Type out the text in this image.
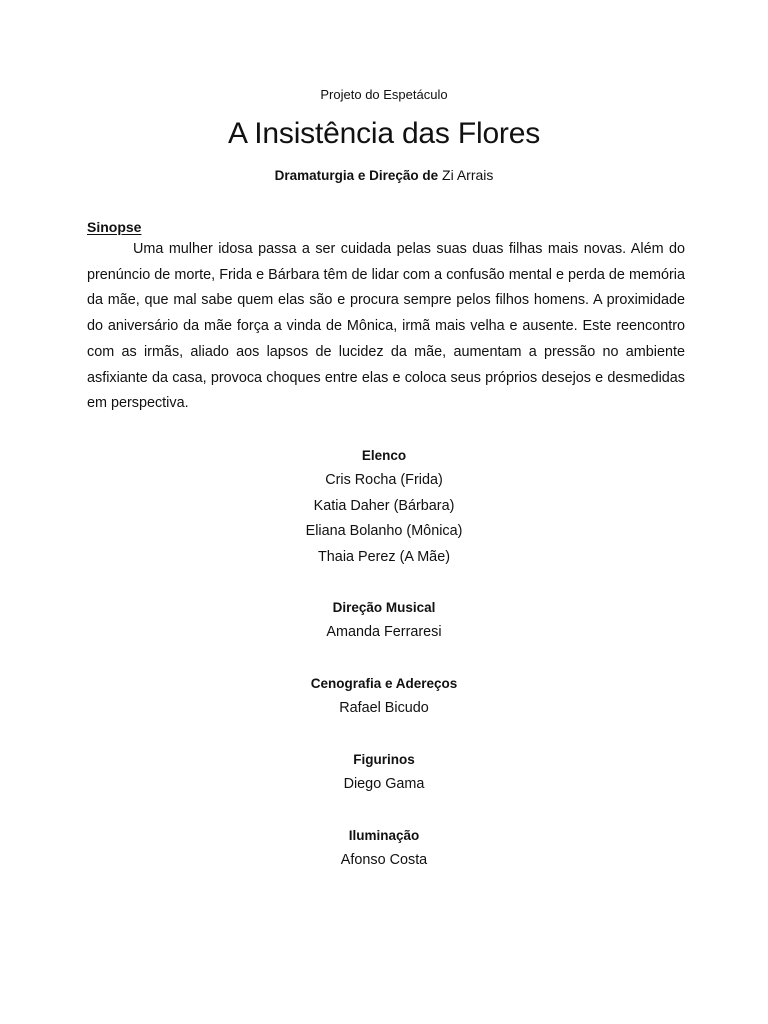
Projeto do Espetáculo
A Insistência das Flores
Dramaturgia e Direção de Zi Arrais
Sinopse

Uma mulher idosa passa a ser cuidada pelas suas duas filhas mais novas. Além do prenúncio de morte, Frida e Bárbara têm de lidar com a confusão mental e perda de memória da mãe, que mal sabe quem elas são e procura sempre pelos filhos homens. A proximidade do aniversário da mãe força a vinda de Mônica, irmã mais velha e ausente. Este reencontro com as irmãs, aliado aos lapsos de lucidez da mãe, aumentam a pressão no ambiente asfixiante da casa, provoca choques entre elas e coloca seus próprios desejos e desmedidas em perspectiva.

Elenco
Cris Rocha (Frida)
Katia Daher (Bárbara)
Eliana Bolanho (Mônica)
Thaia Perez (A Mãe)
Direção Musical
Amanda Ferraresi
Cenografia e Adereços
Rafael Bicudo
Figurinos
Diego Gama
Iluminação
Afonso Costa
